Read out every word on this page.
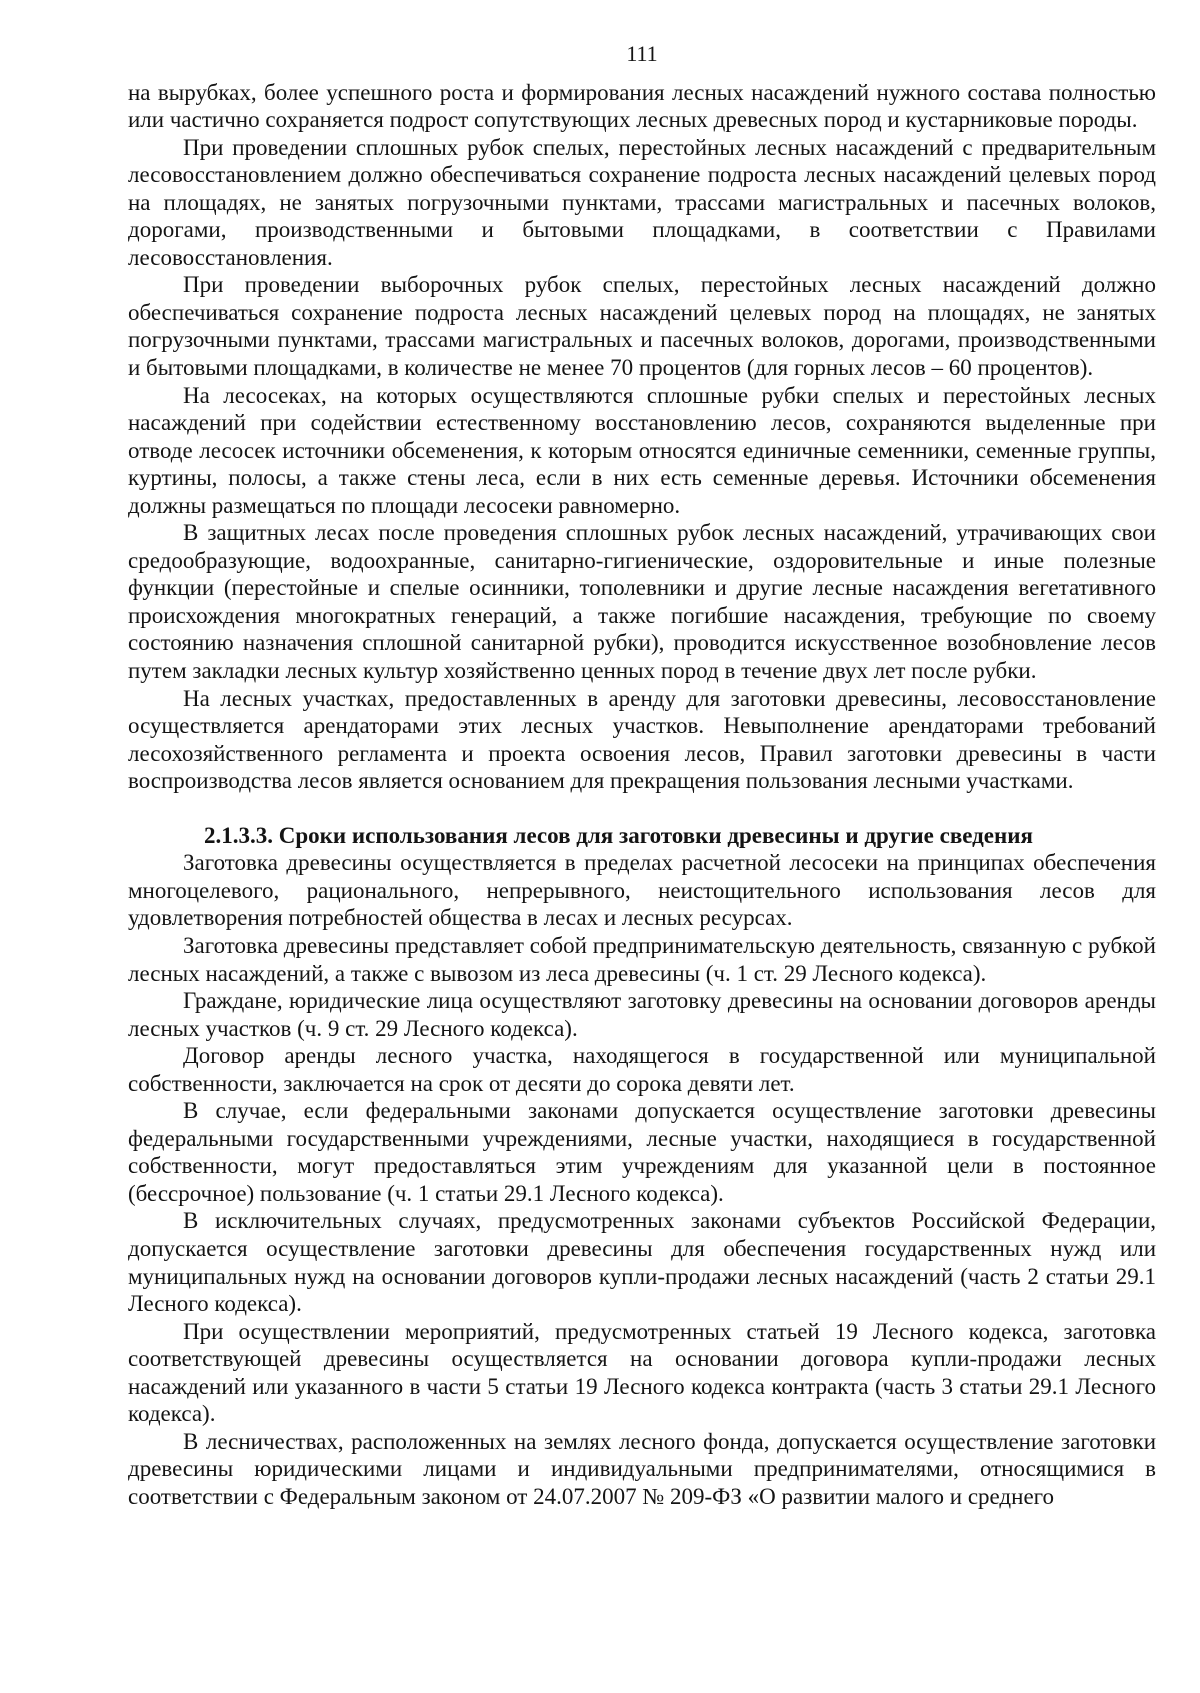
111

на вырубках, более успешного роста и формирования лесных насаждений нужного состава полностью или частично сохраняется подрост сопутствующих лесных древесных пород и кустарниковые породы.

При проведении сплошных рубок спелых, перестойных лесных насаждений с предварительным лесовосстановлением должно обеспечиваться сохранение подроста лесных насаждений целевых пород на площадях, не занятых погрузочными пунктами, трассами магистральных и пасечных волоков, дорогами, производственными и бытовыми площадками, в соответствии с Правилами лесовосстановления.

При проведении выборочных рубок спелых, перестойных лесных насаждений должно обеспечиваться сохранение подроста лесных насаждений целевых пород на площадях, не занятых погрузочными пунктами, трассами магистральных и пасечных волоков, дорогами, производственными и бытовыми площадками, в количестве не менее 70 процентов (для горных лесов – 60 процентов).

На лесосеках, на которых осуществляются сплошные рубки спелых и перестойных лесных насаждений при содействии естественному восстановлению лесов, сохраняются выделенные при отводе лесосек источники обсеменения, к которым относятся единичные семенники, семенные группы, куртины, полосы, а также стены леса, если в них есть семенные деревья. Источники обсеменения должны размещаться по площади лесосеки равномерно.

В защитных лесах после проведения сплошных рубок лесных насаждений, утрачивающих свои средообразующие, водоохранные, санитарно-гигиенические, оздоровительные и иные полезные функции (перестойные и спелые осинники, тополевники и другие лесные насаждения вегетативного происхождения многократных генераций, а также погибшие насаждения, требующие по своему состоянию назначения сплошной санитарной рубки), проводится искусственное возобновление лесов путем закладки лесных культур хозяйственно ценных пород в течение двух лет после рубки.

На лесных участках, предоставленных в аренду для заготовки древесины, лесовосстановление осуществляется арендаторами этих лесных участков. Невыполнение арендаторами требований лесохозяйственного регламента и проекта освоения лесов, Правил заготовки древесины в части воспроизводства лесов является основанием для прекращения пользования лесными участками.

2.1.3.3. Сроки использования лесов для заготовки древесины и другие сведения

Заготовка древесины осуществляется в пределах расчетной лесосеки на принципах обеспечения многоцелевого, рационального, непрерывного, неистощительного использования лесов для удовлетворения потребностей общества в лесах и лесных ресурсах.

Заготовка древесины представляет собой предпринимательскую деятельность, связанную с рубкой лесных насаждений, а также с вывозом из леса древесины (ч. 1 ст. 29 Лесного кодекса).

Граждане, юридические лица осуществляют заготовку древесины на основании договоров аренды лесных участков (ч. 9 ст. 29 Лесного кодекса).

Договор аренды лесного участка, находящегося в государственной или муниципальной собственности, заключается на срок от десяти до сорока девяти лет.

В случае, если федеральными законами допускается осуществление заготовки древесины федеральными государственными учреждениями, лесные участки, находящиеся в государственной собственности, могут предоставляться этим учреждениям для указанной цели в постоянное (бессрочное) пользование (ч. 1 статьи 29.1 Лесного кодекса).

В исключительных случаях, предусмотренных законами субъектов Российской Федерации, допускается осуществление заготовки древесины для обеспечения государственных нужд или муниципальных нужд на основании договоров купли-продажи лесных насаждений (часть 2 статьи 29.1 Лесного кодекса).

При осуществлении мероприятий, предусмотренных статьей 19 Лесного кодекса, заготовка соответствующей древесины осуществляется на основании договора купли-продажи лесных насаждений или указанного в части 5 статьи 19 Лесного кодекса контракта (часть 3 статьи 29.1 Лесного кодекса).

В лесничествах, расположенных на землях лесного фонда, допускается осуществление заготовки древесины юридическими лицами и индивидуальными предпринимателями, относящимися в соответствии с Федеральным законом от 24.07.2007 № 209-ФЗ «О развитии малого и среднего
